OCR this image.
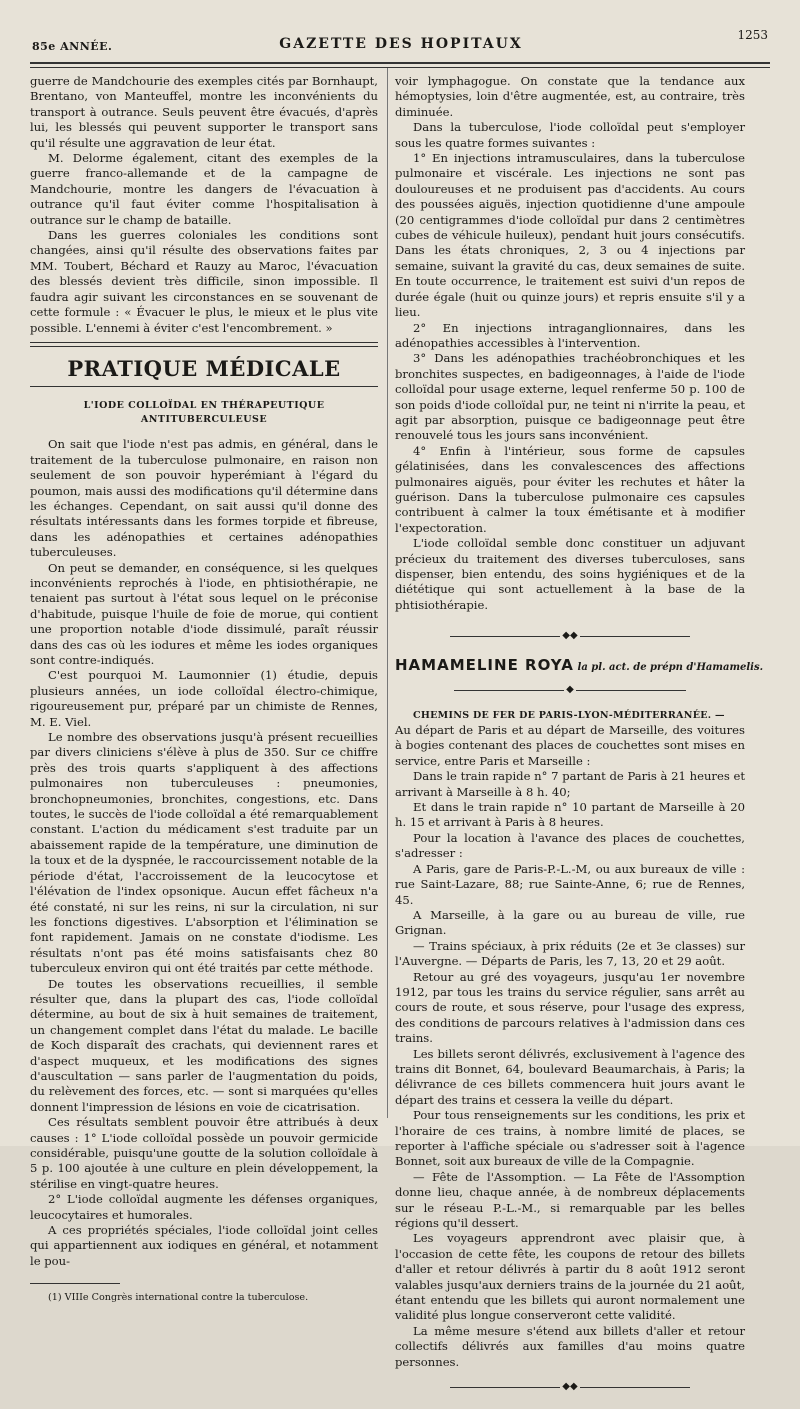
85e ANNÉE.	GAZETTE DES HOPITAUX
1253

guerre de Mandchourie des exemples cités par Bornhaupt, Brentano, von Manteuffel, montre les inconvénients du transport à outrance. Seuls peuvent être évacués, d'après lui, les blessés qui peuvent supporter le transport sans qu'il résulte une aggravation de leur état.

M. Delorme également, citant des exemples de la guerre franco-allemande et de la campagne de Mandchourie, montre les dangers de l'évacuation à outrance qu'il faut éviter comme l'hospitalisation à outrance sur le champ de bataille.

Dans les guerres coloniales les conditions sont changées, ainsi qu'il résulte des observations faites par MM. Toubert, Béchard et Rauzy au Maroc, l'évacuation des blessés devient très difficile, sinon impossible. Il faudra agir suivant les circonstances en se souvenant de cette formule : « Évacuer le plus, le mieux et le plus vite possible. L'ennemi à éviter c'est l'encombrement. »

PRATIQUE MÉDICALE
L'IODE COLLOÏDAL EN THÉRAPEUTIQUE
ANTITUBERCULEUSE

On sait que l'iode n'est pas admis, en général, dans le traitement de la tuberculose pulmonaire, en raison non seulement de son pouvoir hyperémiant à l'égard du poumon, mais aussi des modifications qu'il détermine dans les échanges. Cependant, on sait aussi qu'il donne des résultats intéressants dans les formes torpide et fibreuse, dans les adénopathies et certaines adénopathies tuberculeuses.

On peut se demander, en conséquence, si les quelques inconvénients reprochés à l'iode, en phtisiothérapie, ne tenaient pas surtout à l'état sous lequel on le préconise d'habitude, puisque l'huile de foie de morue, qui contient une proportion notable d'iode dissimulé, paraît réussir dans des cas où les iodures et même les iodes organiques sont contre-indiqués.

C'est pourquoi M. Laumonnier (1) étudie, depuis plusieurs années, un iode colloïdal électro-chimique, rigoureusement pur, préparé par un chimiste de Rennes, M. E. Viel.

Le nombre des observations jusqu'à présent recueillies par divers cliniciens s'élève à plus de 350. Sur ce chiffre près des trois quarts s'appliquent à des affections pulmonaires non tuberculeuses : pneumonies, bronchopneumonies, bronchites, congestions, etc. Dans toutes, le succès de l'iode colloïdal a été remarquablement constant. L'action du médicament s'est traduite par un abaissement rapide de la température, une diminution de la toux et de la dyspnée, le raccourcissement notable de la période d'état, l'accroissement de la leucocytose et l'élévation de l'index opsonique. Aucun effet fâcheux n'a été constaté, ni sur les reins, ni sur la circulation, ni sur les fonctions digestives. L'absorption et l'élimination se font rapidement. Jamais on ne constate d'iodisme. Les résultats n'ont pas été moins satisfaisants chez 80 tuberculeux environ qui ont été traités par cette méthode.

De toutes les observations recueillies, il semble résulter que, dans la plupart des cas, l'iode colloïdal détermine, au bout de six à huit semaines de traitement, un changement complet dans l'état du malade. Le bacille de Koch disparaît des crachats, qui deviennent rares et d'aspect muqueux, et les modifications des signes d'auscultation — sans parler de l'augmentation du poids, du relèvement des forces, etc. — sont si marquées qu'elles donnent l'impression de lésions en voie de cicatrisation.

Ces résultats semblent pouvoir être attribués à deux causes : 1° L'iode colloïdal possède un pouvoir germicide considérable, puisqu'une goutte de la solution colloïdale à 5 p. 100 ajoutée à une culture en plein développement, la stérilise en vingt-quatre heures.

2° L'iode colloïdal augmente les défenses organiques, leucocytaires et humorales.

A ces propriétés spéciales, l'iode colloïdal joint celles qui appartiennent aux iodiques en général, et notamment le pou-

(1) VIIIe Congrès international contre la tuberculose.

voir lymphagogue. On constate que la tendance aux hémoptysies, loin d'être augmentée, est, au contraire, très diminuée.

Dans la tuberculose, l'iode colloïdal peut s'employer sous les quatre formes suivantes :

1° En injections intramusculaires, dans la tuberculose pulmonaire et viscérale. Les injections ne sont pas douloureuses et ne produisent pas d'accidents. Au cours des poussées aiguës, injection quotidienne d'une ampoule (20 centigrammes d'iode colloïdal pur dans 2 centimètres cubes de véhicule huileux), pendant huit jours consécutifs. Dans les états chroniques, 2, 3 ou 4 injections par semaine, suivant la gravité du cas, deux semaines de suite. En toute occurrence, le traitement est suivi d'un repos de durée égale (huit ou quinze jours) et repris ensuite s'il y a lieu.

2° En injections intraganglionnaires, dans les adénopathies accessibles à l'intervention.

3° Dans les adénopathies trachéobronchiques et les bronchites suspectes, en badigeonnages, à l'aide de l'iode colloïdal pour usage externe, lequel renferme 50 p. 100 de son poids d'iode colloïdal pur, ne teint ni n'irrite la peau, et agit par absorption, puisque ce badigeonnage peut être renouvelé tous les jours sans inconvénient.

4° Enfin à l'intérieur, sous forme de capsules gélatinisées, dans les convalescences des affections pulmonaires aiguës, pour éviter les rechutes et hâter la guérison. Dans la tuberculose pulmonaire ces capsules contribuent à calmer la toux émétisante et à modifier l'expectoration.

L'iode colloïdal semble donc constituer un adjuvant précieux du traitement des diverses tuberculoses, sans dispenser, bien entendu, des soins hygiéniques et de la diététique qui sont actuellement à la base de la phtisiothérapie.

◆◆
HAMAMELINE ROYA la pl. act. de prépn d'Hamamelis.
◆

CHEMINS DE FER DE PARIS-LYON-MÉDITERRANÉE. —

Au départ de Paris et au départ de Marseille, des voitures à bogies contenant des places de couchettes sont mises en service, entre Paris et Marseille :

Dans le train rapide n° 7 partant de Paris à 21 heures et arrivant à Marseille à 8 h. 40;

Et dans le train rapide n° 10 partant de Marseille à 20 h. 15 et arrivant à Paris à 8 heures.

Pour la location à l'avance des places de couchettes, s'adresser :

A Paris, gare de Paris-P.-L.-M, ou aux bureaux de ville : rue Saint-Lazare, 88; rue Sainte-Anne, 6; rue de Rennes, 45.

A Marseille, à la gare ou au bureau de ville, rue Grignan.

— Trains spéciaux, à prix réduits (2e et 3e classes) sur l'Auvergne. — Départs de Paris, les 7, 13, 20 et 29 août.

Retour au gré des voyageurs, jusqu'au 1er novembre 1912, par tous les trains du service régulier, sans arrêt au cours de route, et sous réserve, pour l'usage des express, des conditions de parcours relatives à l'admission dans ces trains.

Les billets seront délivrés, exclusivement à l'agence des trains dit Bonnet, 64, boulevard Beaumarchais, à Paris; la délivrance de ces billets commencera huit jours avant le départ des trains et cessera la veille du départ.

Pour tous renseignements sur les conditions, les prix et l'horaire de ces trains, à nombre limité de places, se reporter à l'affiche spéciale ou s'adresser soit à l'agence Bonnet, soit aux bureaux de ville de la Compagnie.

— Fête de l'Assomption. — La Fête de l'Assomption donne lieu, chaque année, à de nombreux déplacements sur le réseau P.-L.-M., si remarquable par les belles régions qu'il dessert.

Les voyageurs apprendront avec plaisir que, à l'occasion de cette fête, les coupons de retour des billets d'aller et retour délivrés à partir du 8 août 1912 seront valables jusqu'aux derniers trains de la journée du 21 août, étant entendu que les billets qui auront normalement une validité plus longue conserveront cette validité.

La même mesure s'étend aux billets d'aller et retour collectifs délivrés aux familles d'au moins quatre personnes.

◆◆
